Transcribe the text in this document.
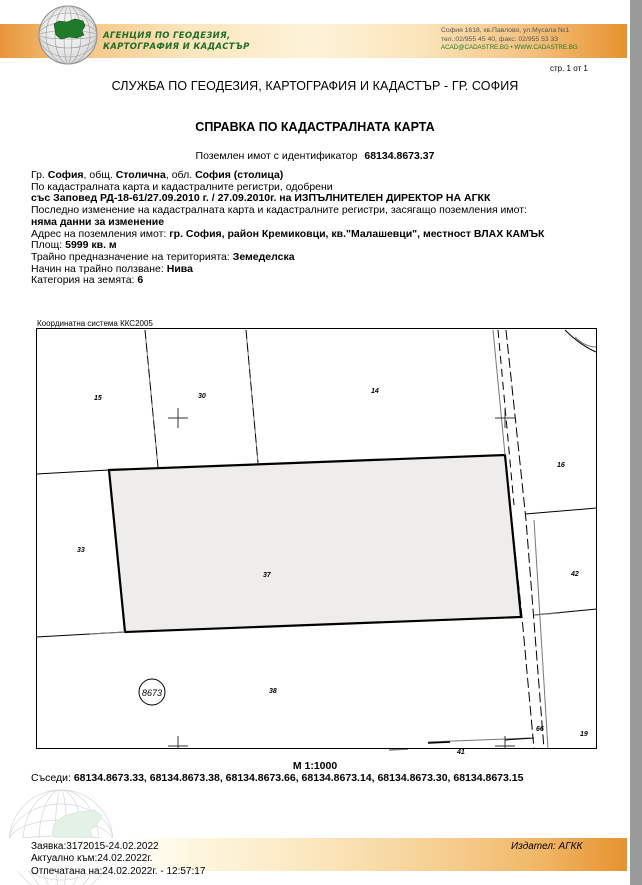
АГЕНЦИЯ ПО ГЕОДЕЗИЯ,
КАРТОГРАФИЯ И КАДАСТЪР
София 1618, кв.Павлово, ул.Мусала №1
тел.:02/955 45 40, факс: 02/955 53 33
ACAD@CADASTRE.BG • WWW.CADASTRE.BG
стр. 1 от 1
СЛУЖБА ПО ГЕОДЕЗИЯ, КАРТОГРАФИЯ И КАДАСТЪР - ГР. СОФИЯ
СПРАВКА ПО КАДАСТРАЛНАТА КАРТА
Поземлен имот с идентификатор 68134.8673.37
Гр. София, общ. Столична, обл. София (столица)
По кадастралната карта и кадастралните регистри, одобрени
със Заповед РД-18-61/27.09.2010 г. / 27.09.2010г. на ИЗПЪЛНИТЕЛЕН ДИРЕКТОР НА АГКК
Последно изменение на кадастралната карта и кадастралните регистри, засягащо поземления имот:
няма данни за изменение
Адрес на поземления имот: гр. София, район Кремиковци, кв."Малашевци", местност ВЛАХ КАМЪК
Площ: 5999 кв. м
Трайно предназначение на територията: Земеделска
Начин на трайно ползване: Нива
Категория на земята: 6
Координатна система ККС2005
15	30
14
16
33
37	42
38
66
19
41
8673
M 1:1000
Съседи: 68134.8673.33, 68134.8673.38, 68134.8673.66, 68134.8673.14, 68134.8673.30, 68134.8673.15
Заявка:3172015-24.02.2022
Актуално към:24.02.2022г.
Отпечатана на:24.02.2022г. - 12:57:17
Издател: АГКК
